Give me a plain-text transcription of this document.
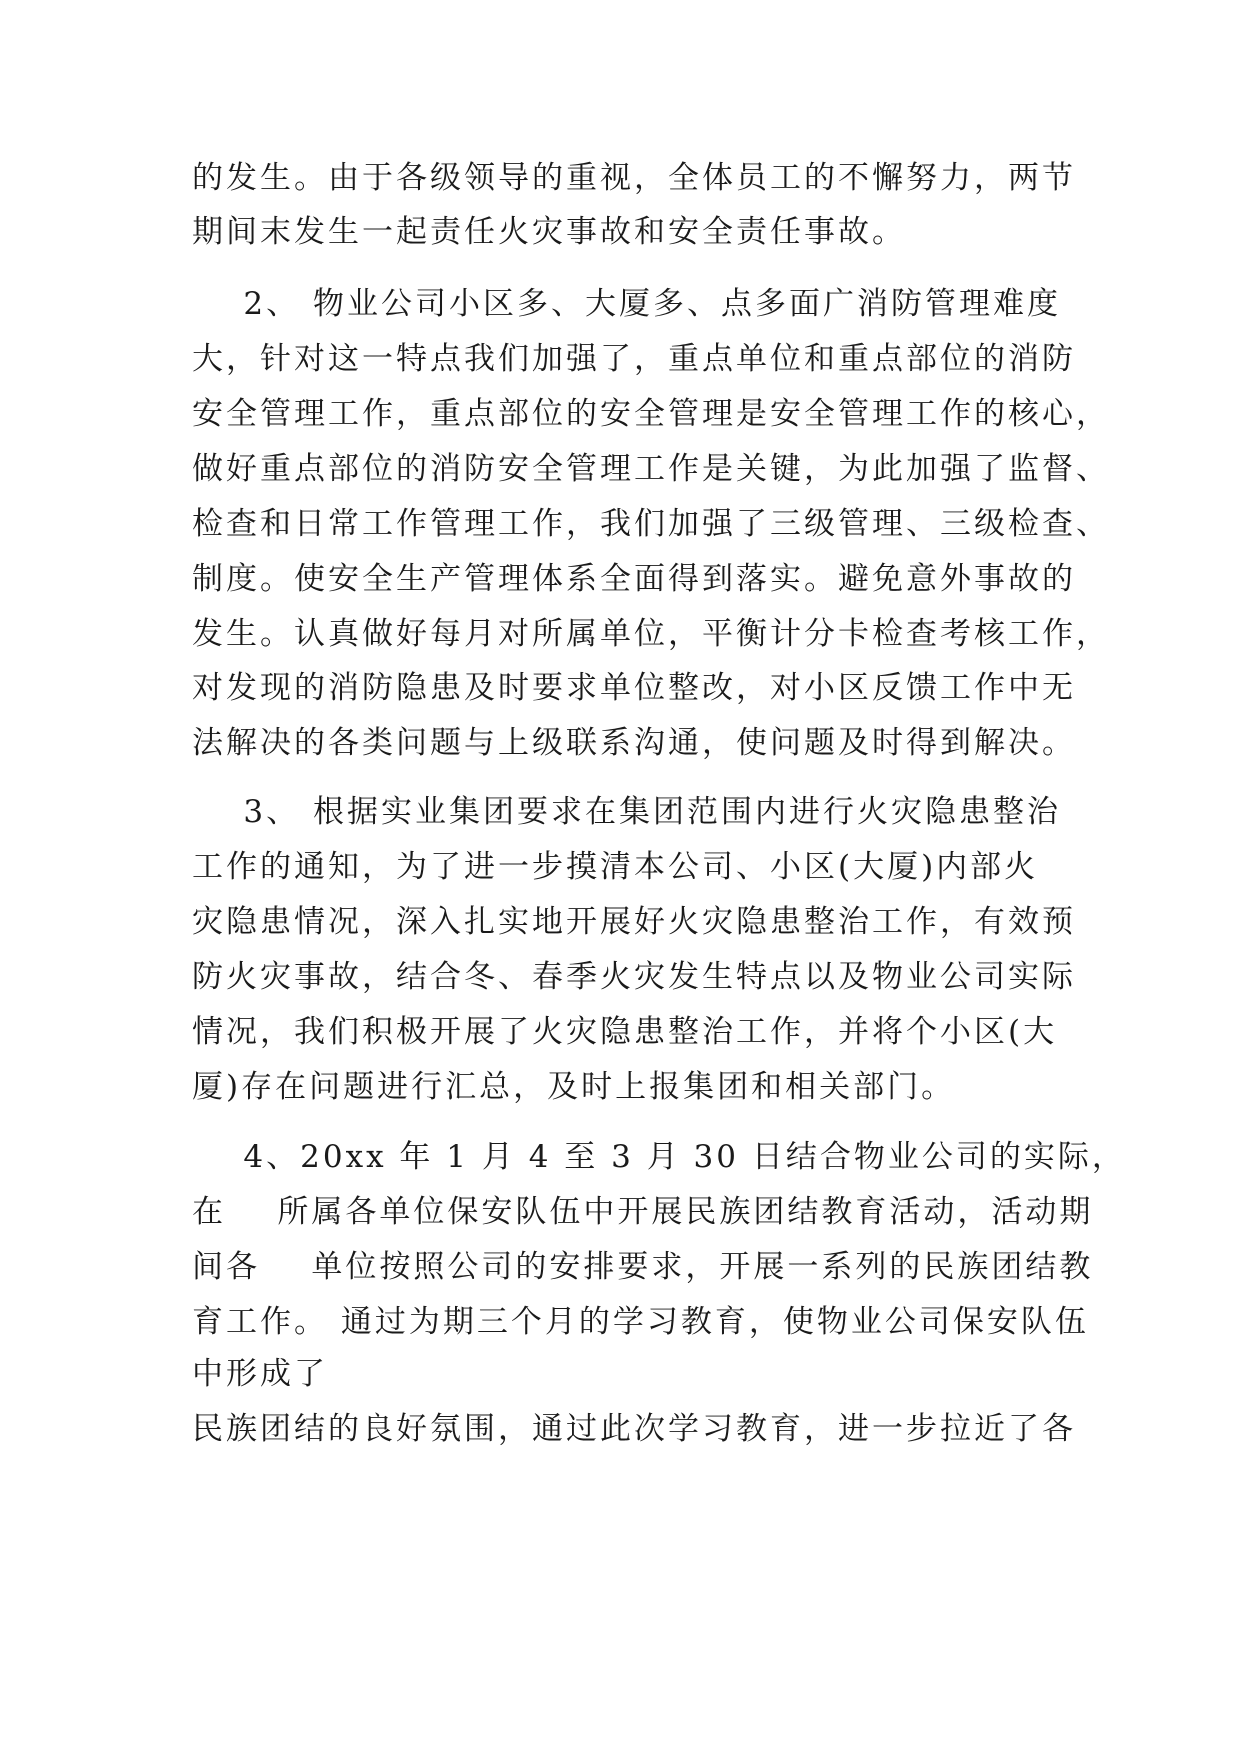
的发生。由于各级领导的重视，全体员工的不懈努力，两节

期间末发生一起责任火灾事故和安全责任事故。

2、 物业公司小区多、大厦多、点多面广消防管理难度

大，针对这一特点我们加强了，重点单位和重点部位的消防

安全管理工作，重点部位的安全管理是安全管理工作的核心，

做好重点部位的消防安全管理工作是关键，为此加强了监督、

检查和日常工作管理工作，我们加强了三级管理、三级检查、

制度。使安全生产管理体系全面得到落实。避免意外事故的

发生。认真做好每月对所属单位，平衡计分卡检查考核工作，

对发现的消防隐患及时要求单位整改，对小区反馈工作中无

法解决的各类问题与上级联系沟通，使问题及时得到解决。

3、 根据实业集团要求在集团范围内进行火灾隐患整治

工作的通知，为了进一步摸清本公司、小区(大厦)内部火

灾隐患情况，深入扎实地开展好火灾隐患整治工作，有效预

防火灾事故，结合冬、春季火灾发生特点以及物业公司实际

情况，我们积极开展了火灾隐患整治工作，并将个小区(大

厦)存在问题进行汇总，及时上报集团和相关部门。

4、20xx 年 1 月 4 至 3 月 30 日结合物业公司的实际，

在    所属各单位保安队伍中开展民族团结教育活动，活动期

间各    单位按照公司的安排要求，开展一系列的民族团结教

育工作。 通过为期三个月的学习教育，使物业公司保安队伍

中形成了

民族团结的良好氛围，通过此次学习教育，进一步拉近了各
